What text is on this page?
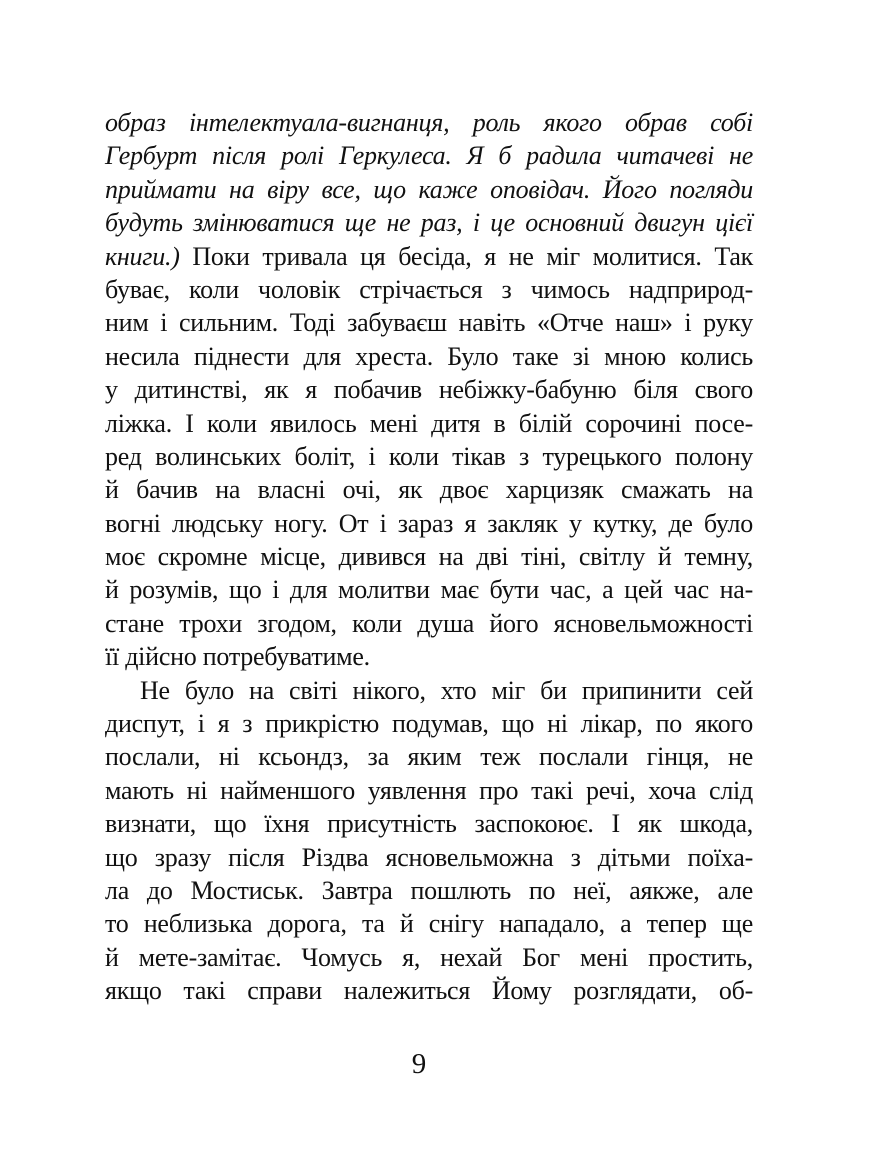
образ інтелектуала-вигнанця, роль якого обрав собі
Гербурт після ролі Геркулеса. Я б радила читачеві не
приймати на віру все, що каже оповідач. Його погляди
будуть змінюватися ще не раз, і це основний двигун цієї
книги.) Поки тривала ця бесіда, я не міг молитися. Так
буває, коли чоловік стрічається з чимось надприрод-
ним і сильним. Тоді забуваєш навіть «Отче наш» і руку
несила піднести для хреста. Було таке зі мною колись
у дитинстві, як я побачив небіжку-бабуню біля свого
ліжка. І коли явилось мені дитя в білій сорочині посе-
ред волинських боліт, і коли тікав з турецького полону
й бачив на власні очі, як двоє харцизяк смажать на
вогні людську ногу. От і зараз я закляк у кутку, де було
моє скромне місце, дивився на дві тіні, світлу й темну,
й розумів, що і для молитви має бути час, а цей час на-
стане трохи згодом, коли душа його ясновельможності
її дійсно потребуватиме.
Не було на світі нікого, хто міг би припинити сей
диспут, і я з прикрістю подумав, що ні лікар, по якого
послали, ні ксьондз, за яким теж послали гінця, не
мають ні найменшого уявлення про такі речі, хоча слід
визнати, що їхня присутність заспокоює. І як шкода,
що зразу після Різдва ясновельможна з дітьми поїха-
ла до Мостиськ. Завтра пошлють по неї, аякже, але
то неблизька дорога, та й снігу нападало, а тепер ще
й мете-замітає. Чомусь я, нехай Бог мені простить,
якщо такі справи належиться Йому розглядати, об-
9
